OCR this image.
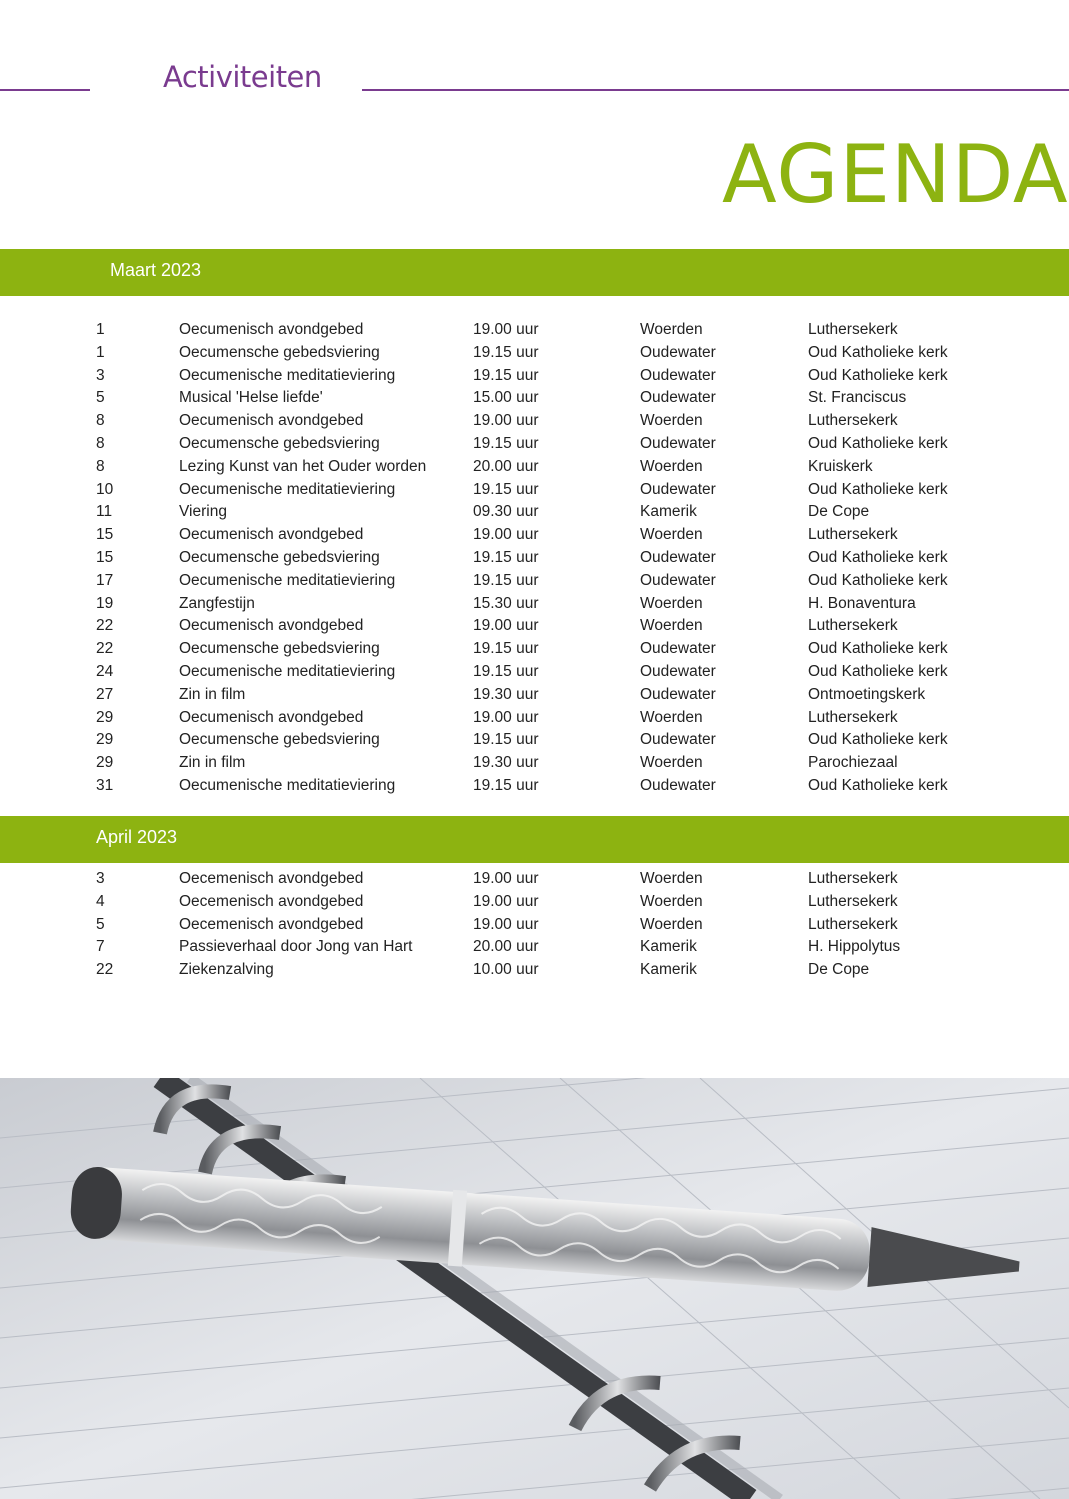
Activiteiten
AGENDA
Maart 2023
1	Oecumenisch avondgebed	19.00 uur	Woerden	Luthersekerk
1	Oecumensche gebedsviering	19.15 uur	Oudewater	Oud Katholieke kerk
3	Oecumenische meditatieviering	19.15 uur	Oudewater	Oud Katholieke kerk
5	Musical 'Helse liefde'	15.00 uur	Oudewater	St. Franciscus
8	Oecumenisch avondgebed	19.00 uur	Woerden	Luthersekerk
8	Oecumensche gebedsviering	19.15 uur	Oudewater	Oud Katholieke kerk
8	Lezing Kunst van het Ouder worden	20.00 uur	Woerden	Kruiskerk
10	Oecumenische meditatieviering	19.15 uur	Oudewater	Oud Katholieke kerk
11	Viering	09.30 uur	Kamerik	De Cope
15	Oecumenisch avondgebed	19.00 uur	Woerden	Luthersekerk
15	Oecumensche gebedsviering	19.15 uur	Oudewater	Oud Katholieke kerk
17	Oecumenische meditatieviering	19.15 uur	Oudewater	Oud Katholieke kerk
19	Zangfestijn	15.30 uur	Woerden	H. Bonaventura
22	Oecumenisch avondgebed	19.00 uur	Woerden	Luthersekerk
22	Oecumensche gebedsviering	19.15 uur	Oudewater	Oud Katholieke kerk
24	Oecumenische meditatieviering	19.15 uur	Oudewater	Oud Katholieke kerk
27	Zin in film	19.30 uur	Oudewater	Ontmoetingskerk
29	Oecumenisch avondgebed	19.00 uur	Woerden	Luthersekerk
29	Oecumensche gebedsviering	19.15 uur	Oudewater	Oud Katholieke kerk
29	Zin in film	19.30 uur	Woerden	Parochiezaal
31	Oecumenische meditatieviering	19.15 uur	Oudewater	Oud Katholieke kerk
April 2023
3	Oecemenisch avondgebed	19.00 uur	Woerden	Luthersekerk
4	Oecemenisch avondgebed	19.00 uur	Woerden	Luthersekerk
5	Oecemenisch avondgebed	19.00 uur	Woerden	Luthersekerk
7	Passieverhaal door Jong van Hart	20.00 uur	Kamerik	H. Hippolytus
22	Ziekenzalving	10.00 uur	Kamerik	De Cope
